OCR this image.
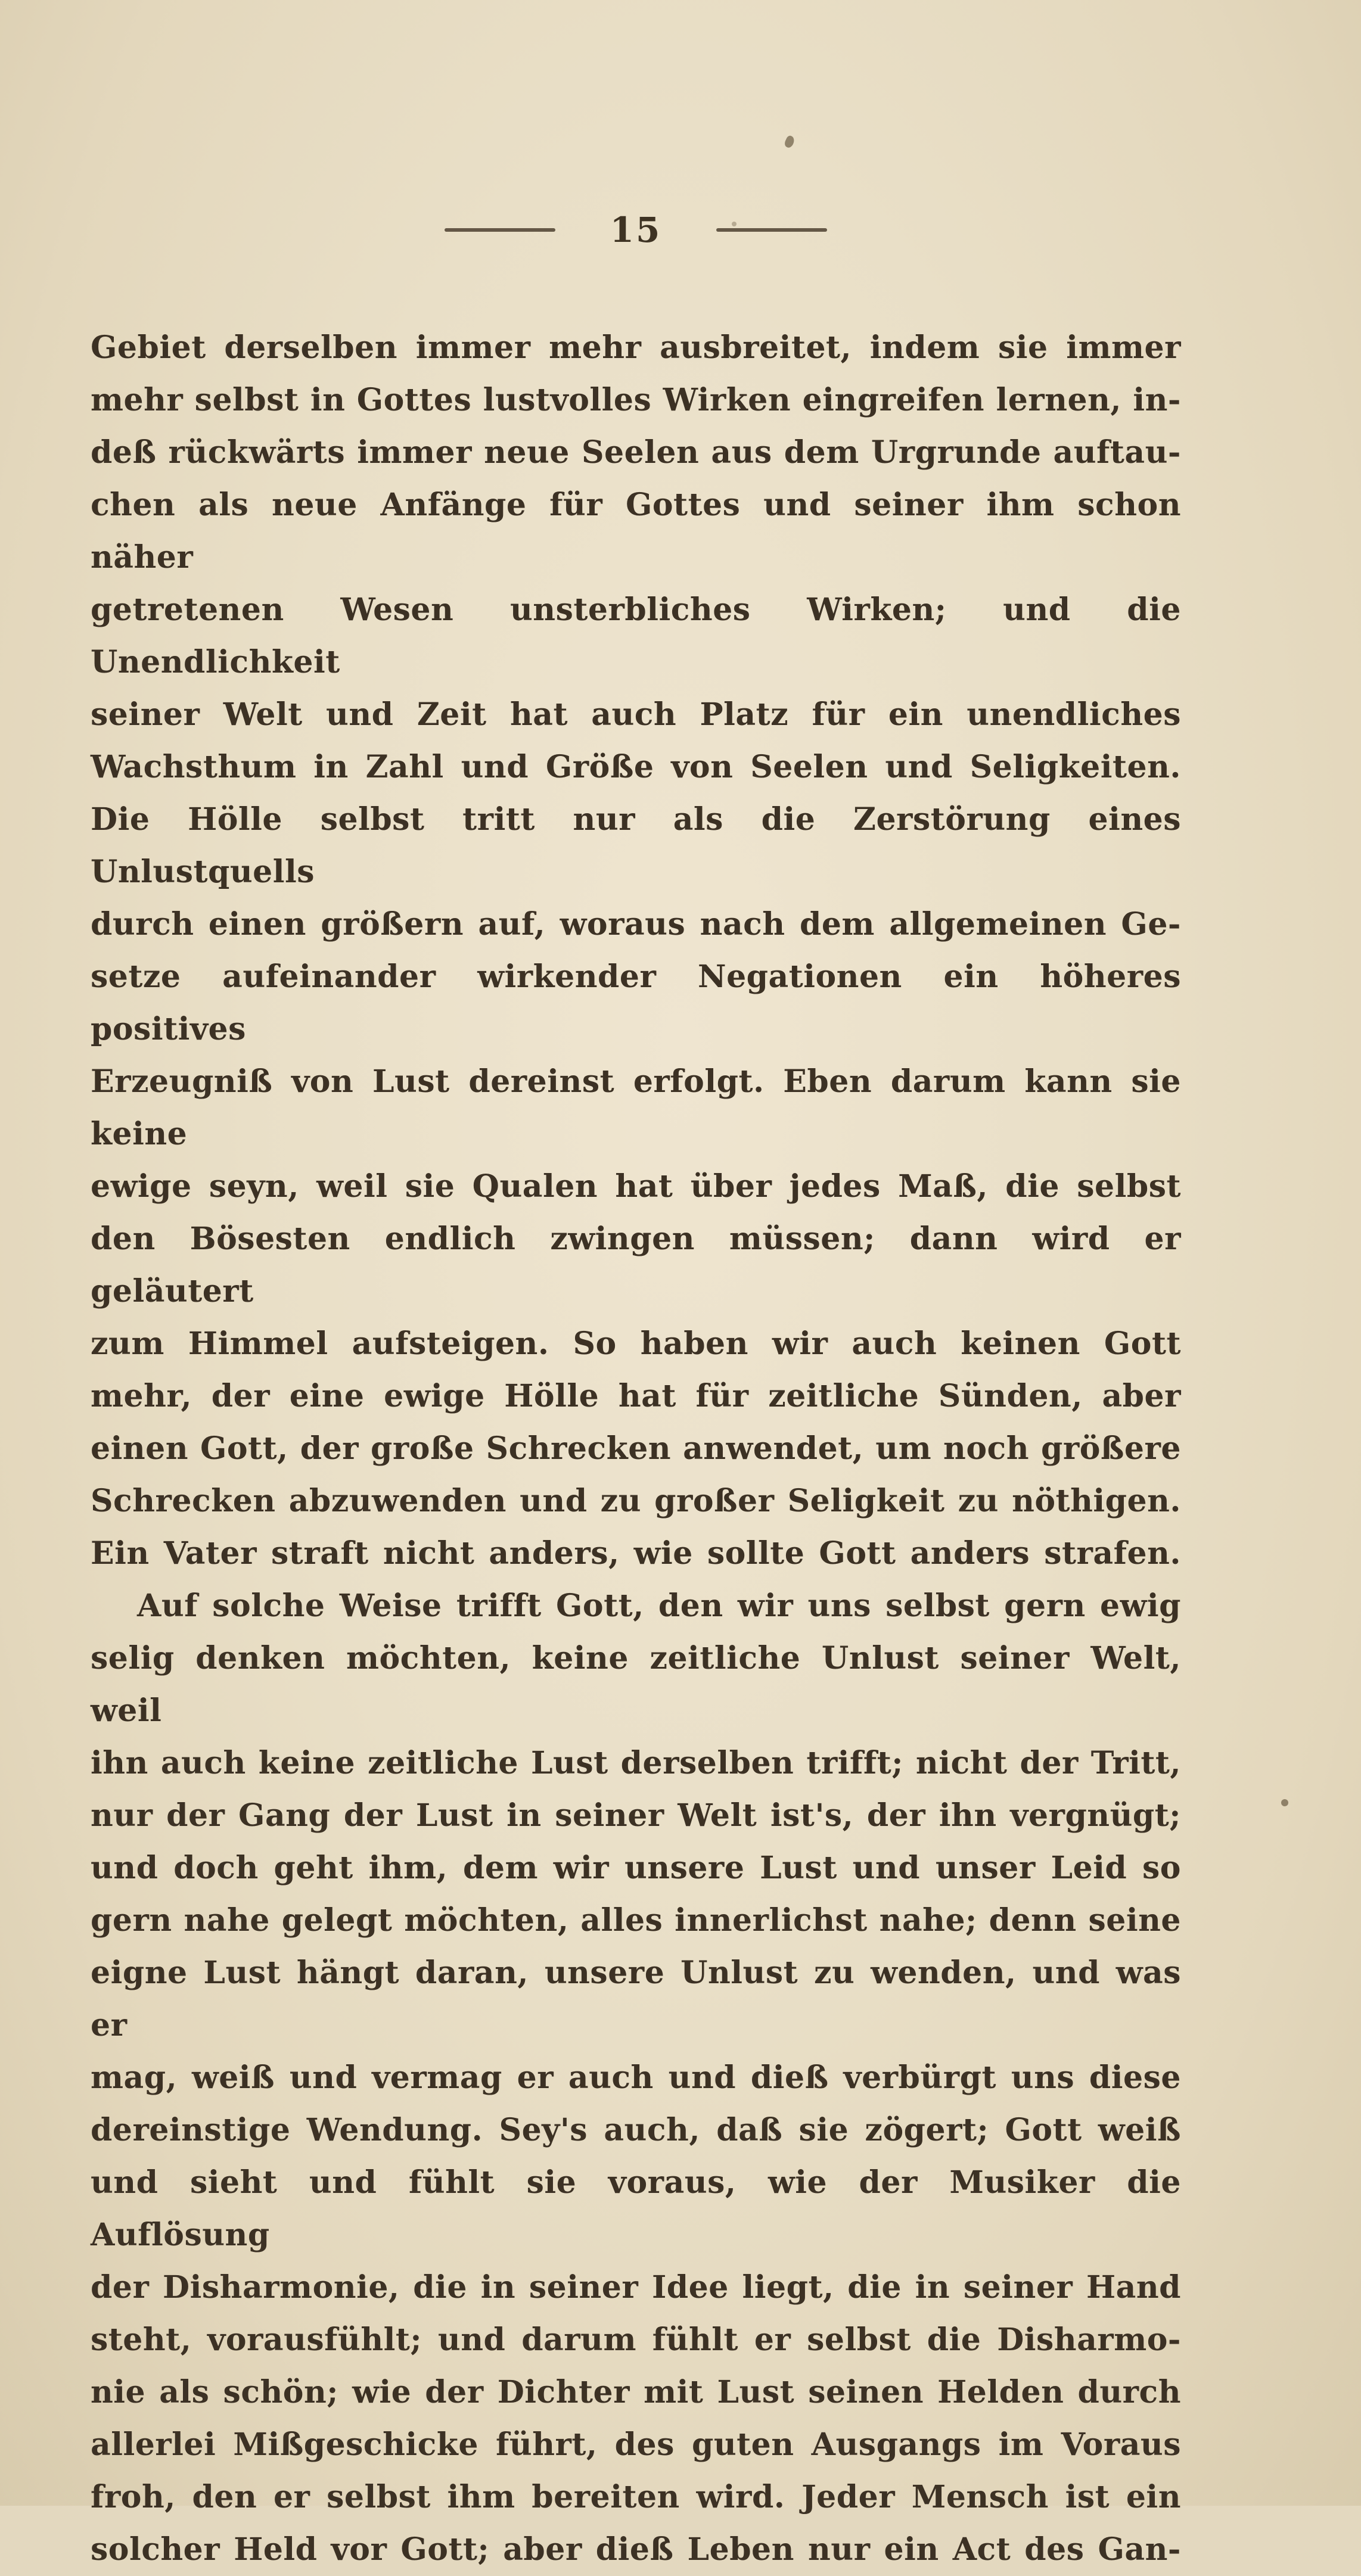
15

Gebiet derselben immer mehr ausbreitet, indem sie immer
mehr selbst in Gottes lustvolles Wirken eingreifen lernen, in-
deß rückwärts immer neue Seelen aus dem Urgrunde auftau-
chen als neue Anfänge für Gottes und seiner ihm schon näher
getretenen Wesen unsterbliches Wirken; und die Unendlichkeit
seiner Welt und Zeit hat auch Platz für ein unendliches
Wachsthum in Zahl und Größe von Seelen und Seligkeiten.
Die Hölle selbst tritt nur als die Zerstörung eines Unlustquells
durch einen größern auf, woraus nach dem allgemeinen Ge-
setze aufeinander wirkender Negationen ein höheres positives
Erzeugniß von Lust dereinst erfolgt. Eben darum kann sie keine
ewige seyn, weil sie Qualen hat über jedes Maß, die selbst
den Bösesten endlich zwingen müssen; dann wird er geläutert
zum Himmel aufsteigen. So haben wir auch keinen Gott
mehr, der eine ewige Hölle hat für zeitliche Sünden, aber
einen Gott, der große Schrecken anwendet, um noch größere
Schrecken abzuwenden und zu großer Seligkeit zu nöthigen.
Ein Vater straft nicht anders, wie sollte Gott anders strafen.

Auf solche Weise trifft Gott, den wir uns selbst gern ewig
selig denken möchten, keine zeitliche Unlust seiner Welt, weil
ihn auch keine zeitliche Lust derselben trifft; nicht der Tritt,
nur der Gang der Lust in seiner Welt ist's, der ihn vergnügt;
und doch geht ihm, dem wir unsere Lust und unser Leid so
gern nahe gelegt möchten, alles innerlichst nahe; denn seine
eigne Lust hängt daran, unsere Unlust zu wenden, und was er
mag, weiß und vermag er auch und dieß verbürgt uns diese
dereinstige Wendung. Sey's auch, daß sie zögert; Gott weiß
und sieht und fühlt sie voraus, wie der Musiker die Auflösung
der Disharmonie, die in seiner Idee liegt, die in seiner Hand
steht, vorausfühlt; und darum fühlt er selbst die Disharmo-
nie als schön; wie der Dichter mit Lust seinen Helden durch
allerlei Mißgeschicke führt, des guten Ausgangs im Voraus
froh, den er selbst ihm bereiten wird. Jeder Mensch ist ein
solcher Held vor Gott; aber dieß Leben nur ein Act des Gan-
